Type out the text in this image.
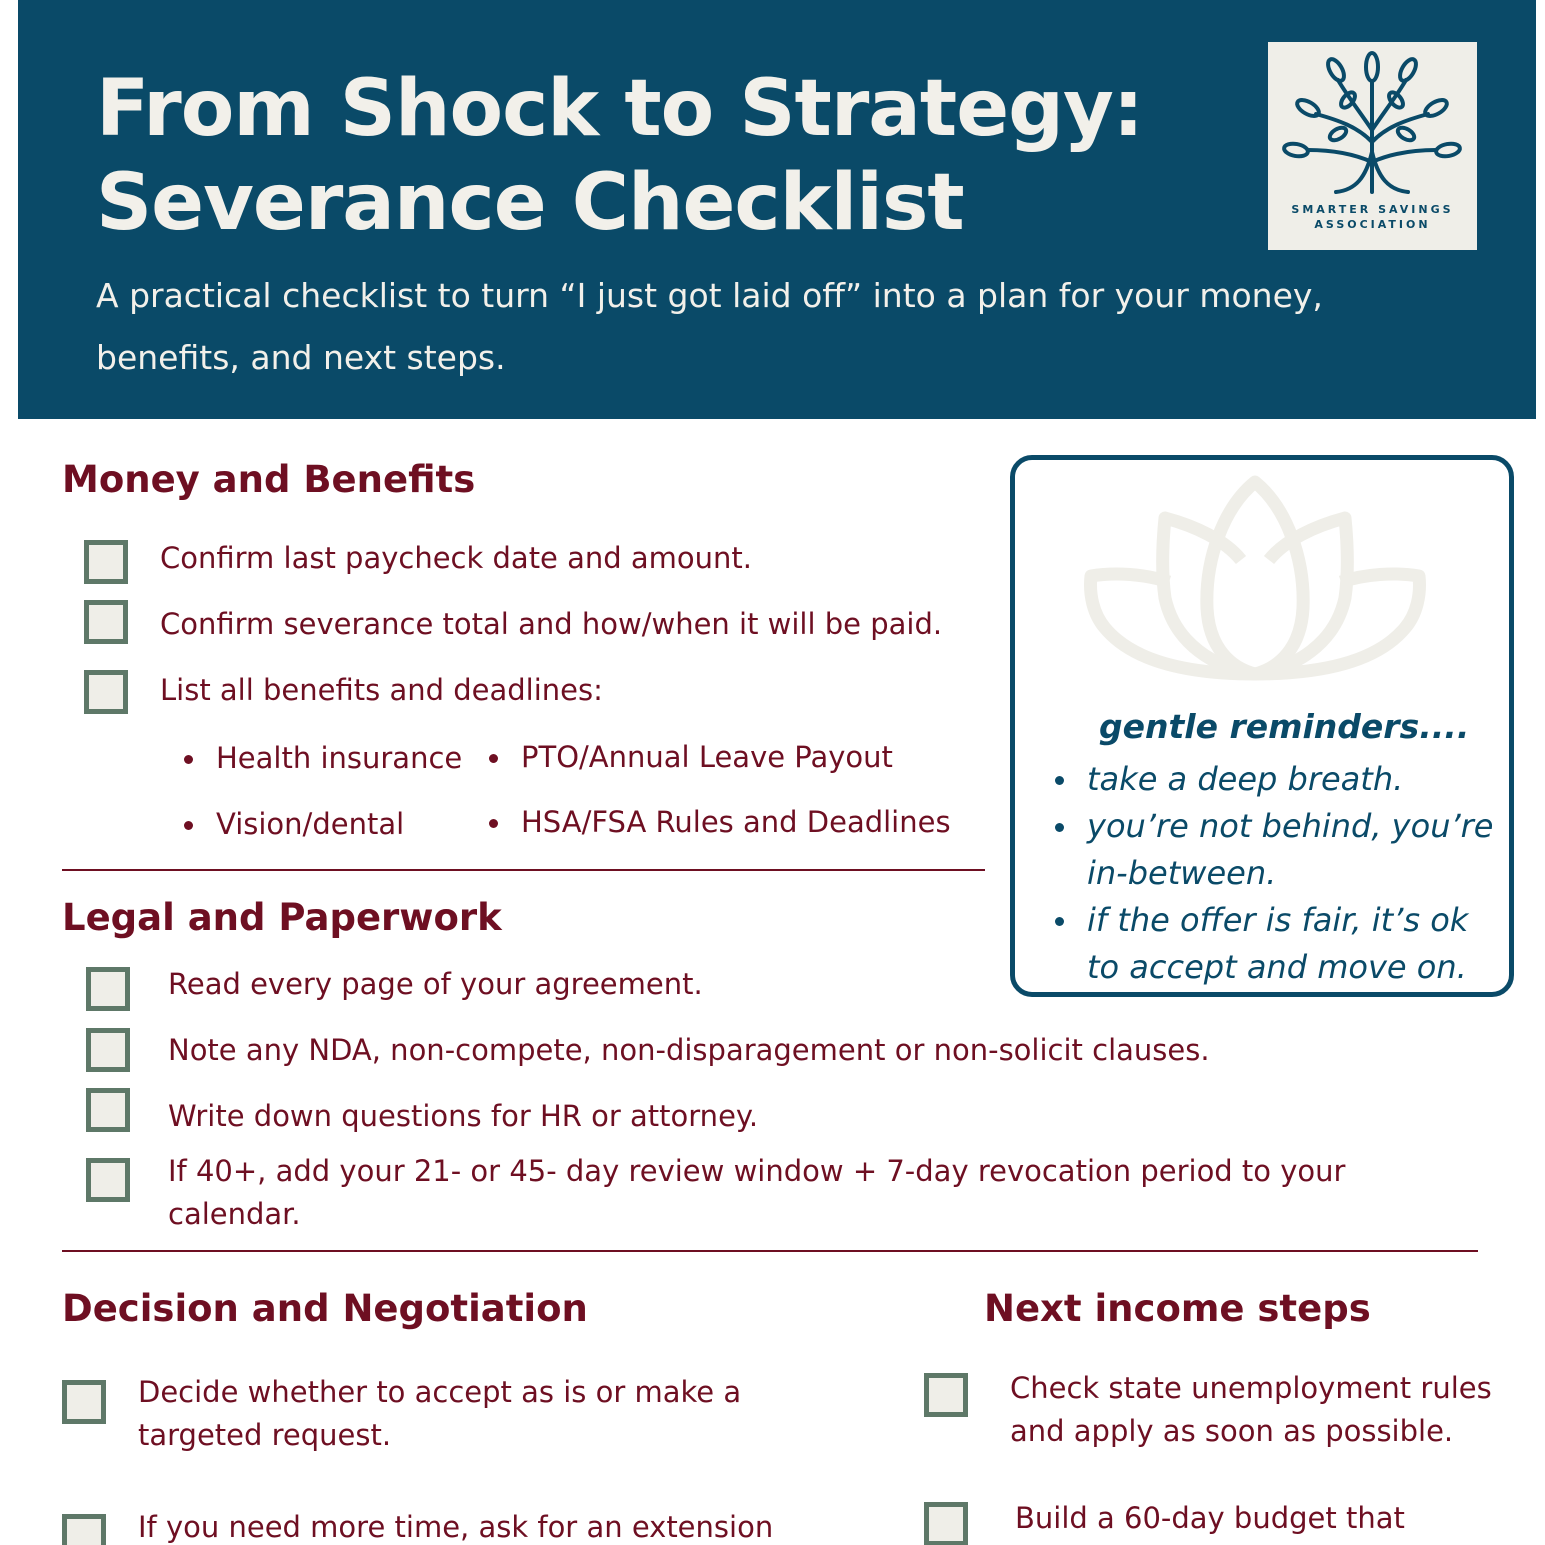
From Shock to Strategy:
Severance Checklist
A practical checklist to turn “I just got laid off” into a plan for your money, benefits, and next steps.
SMARTER SAVINGS
ASSOCIATION
Money and Benefits
Confirm last paycheck date and amount.
Confirm severance total and how/when it will be paid.
List all benefits and deadlines:
Health insurance	PTO/Annual Leave Payout
Vision/dental	HSA/FSA Rules and Deadlines
Legal and Paperwork
Read every page of your agreement.
Note any NDA, non-compete, non-disparagement or non-solicit clauses.
Write down questions for HR or attorney.
If 40+, add your 21- or 45- day review window + 7-day revocation period to your calendar.
gentle reminders....
take a deep breath.
you’re not behind, you’re in-between.
if the offer is fair, it’s ok to accept and move on.
Decision and Negotiation
Decide whether to accept as is or make a targeted request.
If you need more time, ask for an extension
Next income steps
Check state unemployment rules and apply as soon as possible.
Build a 60-day budget that
